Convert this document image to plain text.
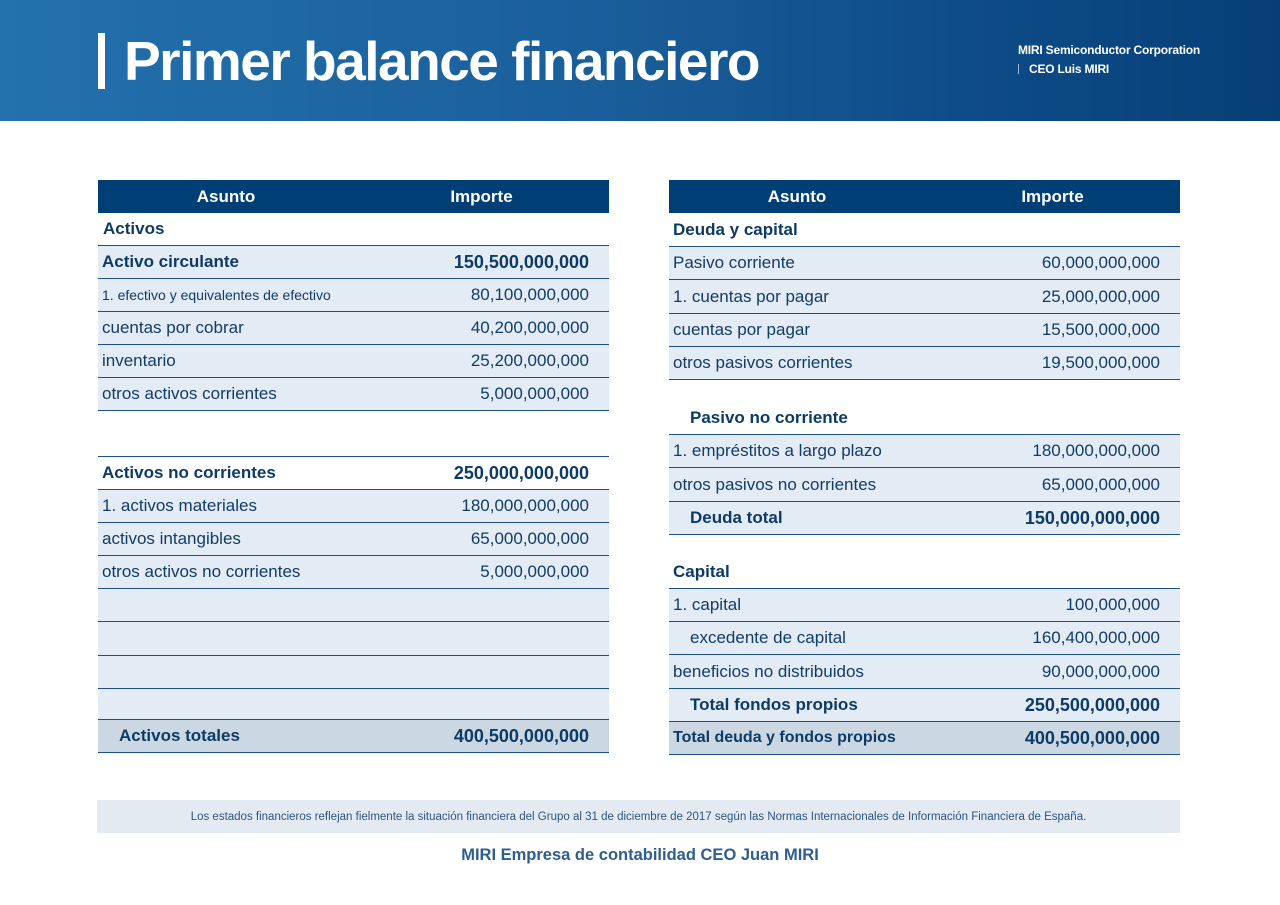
Primer balance financiero	MIRI Semiconductor Corporation
CEO Luis MIRI
Asunto	Importe
Activos
Activo circulante	150,500,000,000
1. efectivo y equivalentes de efectivo	80,100,000,000
cuentas por cobrar	40,200,000,000
inventario	25,200,000,000
otros activos corrientes	5,000,000,000
Activos no corrientes	250,000,000,000
1. activos materiales	180,000,000,000
activos intangibles	65,000,000,000
otros activos no corrientes	5,000,000,000
Activos totales	400,500,000,000
Asunto	Importe
Deuda y capital
Pasivo corriente	60,000,000,000
1. cuentas por pagar	25,000,000,000
cuentas por pagar	15,500,000,000
otros pasivos corrientes	19,500,000,000
Pasivo no corriente
1. empréstitos a largo plazo	180,000,000,000
otros pasivos no corrientes	65,000,000,000
Deuda total	150,000,000,000
Capital
1. capital	100,000,000
excedente de capital	160,400,000,000
beneficios no distribuidos	90,000,000,000
Total fondos propios	250,500,000,000
Total deuda y fondos propios	400,500,000,000
Los estados financieros reflejan fielmente la situación financiera del Grupo al 31 de diciembre de 2017 según las Normas Internacionales de Información Financiera de España.
MIRI Empresa de contabilidad CEO Juan MIRI
